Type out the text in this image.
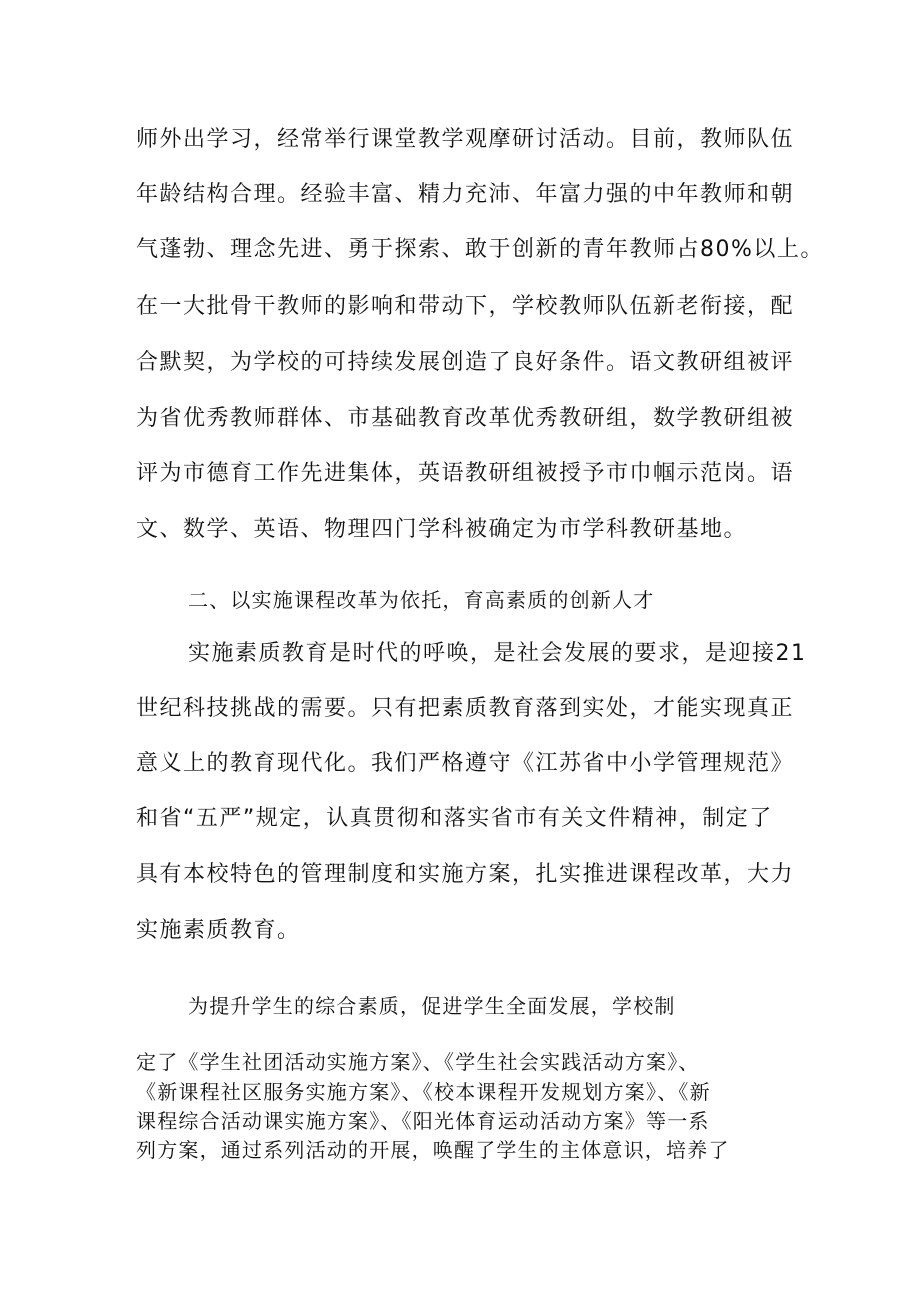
师外出学习，经常举行课堂教学观摩研讨活动。目前，教师队伍

年龄结构合理。经验丰富、精力充沛、年富力强的中年教师和朝

气蓬勃、理念先进、勇于探索、敢于创新的青年教师占80%以上。

在一大批骨干教师的影响和带动下，学校教师队伍新老衔接，配

合默契，为学校的可持续发展创造了良好条件。语文教研组被评

为省优秀教师群体、市基础教育改革优秀教研组，数学教研组被

评为市德育工作先进集体，英语教研组被授予市巾帼示范岗。语

文、数学、英语、物理四门学科被确定为市学科教研基地。

二、以实施课程改革为依托，育高素质的创新人才

实施素质教育是时代的呼唤，是社会发展的要求，是迎接21

世纪科技挑战的需要。只有把素质教育落到实处，才能实现真正

意义上的教育现代化。我们严格遵守《江苏省中小学管理规范》

和省“五严”规定，认真贯彻和落实省市有关文件精神，制定了

具有本校特色的管理制度和实施方案，扎实推进课程改革，大力

实施素质教育。

为提升学生的综合素质，促进学生全面发展，学校制

定了《学生社团活动实施方案》、《学生社会实践活动方案》、

《新课程社区服务实施方案》、《校本课程开发规划方案》、《新

课程综合活动课实施方案》、《阳光体育运动活动方案》等一系

列方案，通过系列活动的开展，唤醒了学生的主体意识，培养了
